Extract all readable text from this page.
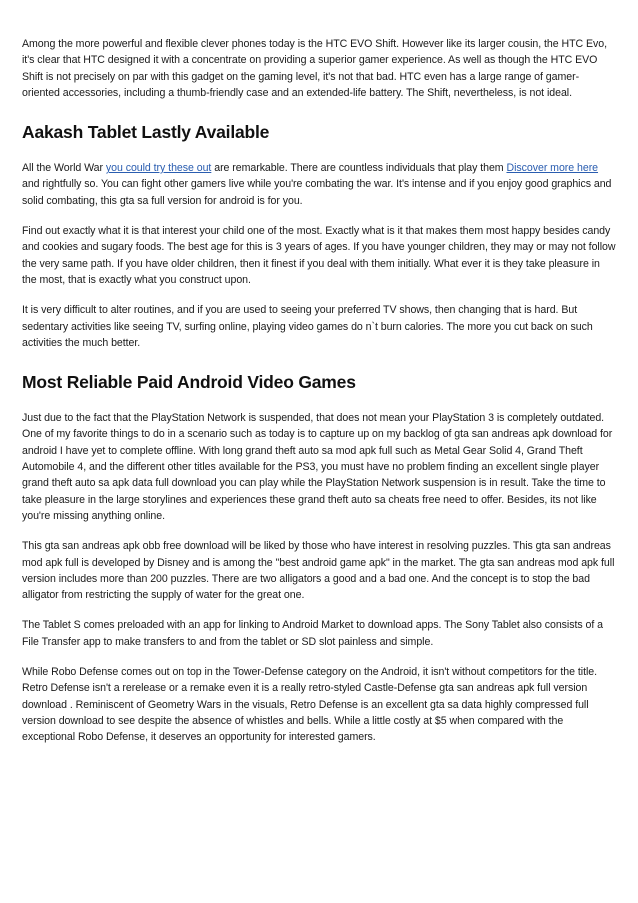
Among the more powerful and flexible clever phones today is the HTC EVO Shift. However like its larger cousin, the HTC Evo, it's clear that HTC designed it with a concentrate on providing a superior gamer experience. As well as though the HTC EVO Shift is not precisely on par with this gadget on the gaming level, it's not that bad. HTC even has a large range of gamer-oriented accessories, including a thumb-friendly case and an extended-life battery. The Shift, nevertheless, is not ideal.

Aakash Tablet Lastly Available

All the World War you could try these out are remarkable. There are countless individuals that play them Discover more here and rightfully so. You can fight other gamers live while you're combating the war. It's intense and if you enjoy good graphics and solid combating, this gta sa full version for android is for you.

Find out exactly what it is that interest your child one of the most. Exactly what is it that makes them most happy besides candy and cookies and sugary foods. The best age for this is 3 years of ages. If you have younger children, they may or may not follow the very same path. If you have older children, then it finest if you deal with them initially. What ever it is they take pleasure in the most, that is exactly what you construct upon.

It is very difficult to alter routines, and if you are used to seeing your preferred TV shows, then changing that is hard. But sedentary activities like seeing TV, surfing online, playing video games do n`t burn calories. The more you cut back on such activities the much better.

Most Reliable Paid Android Video Games

Just due to the fact that the PlayStation Network is suspended, that does not mean your PlayStation 3 is completely outdated. One of my favorite things to do in a scenario such as today is to capture up on my backlog of gta san andreas apk download for android I have yet to complete offline. With long grand theft auto sa mod apk full such as Metal Gear Solid 4, Grand Theft Automobile 4, and the different other titles available for the PS3, you must have no problem finding an excellent single player grand theft auto sa apk data full download you can play while the PlayStation Network suspension is in result. Take the time to take pleasure in the large storylines and experiences these grand theft auto sa cheats free need to offer. Besides, its not like you're missing anything online.

This gta san andreas apk obb free download will be liked by those who have interest in resolving puzzles. This gta san andreas mod apk full is developed by Disney and is among the "best android game apk" in the market. The gta san andreas mod apk full version includes more than 200 puzzles. There are two alligators a good and a bad one. And the concept is to stop the bad alligator from restricting the supply of water for the great one.

The Tablet S comes preloaded with an app for linking to Android Market to download apps. The Sony Tablet also consists of a File Transfer app to make transfers to and from the tablet or SD slot painless and simple.

While Robo Defense comes out on top in the Tower-Defense category on the Android, it isn't without competitors for the title. Retro Defense isn't a rerelease or a remake even it is a really retro-styled Castle-Defense gta san andreas apk full version download . Reminiscent of Geometry Wars in the visuals, Retro Defense is an excellent gta sa data highly compressed full version download to see despite the absence of whistles and bells. While a little costly at $5 when compared with the exceptional Robo Defense, it deserves an opportunity for interested gamers.
